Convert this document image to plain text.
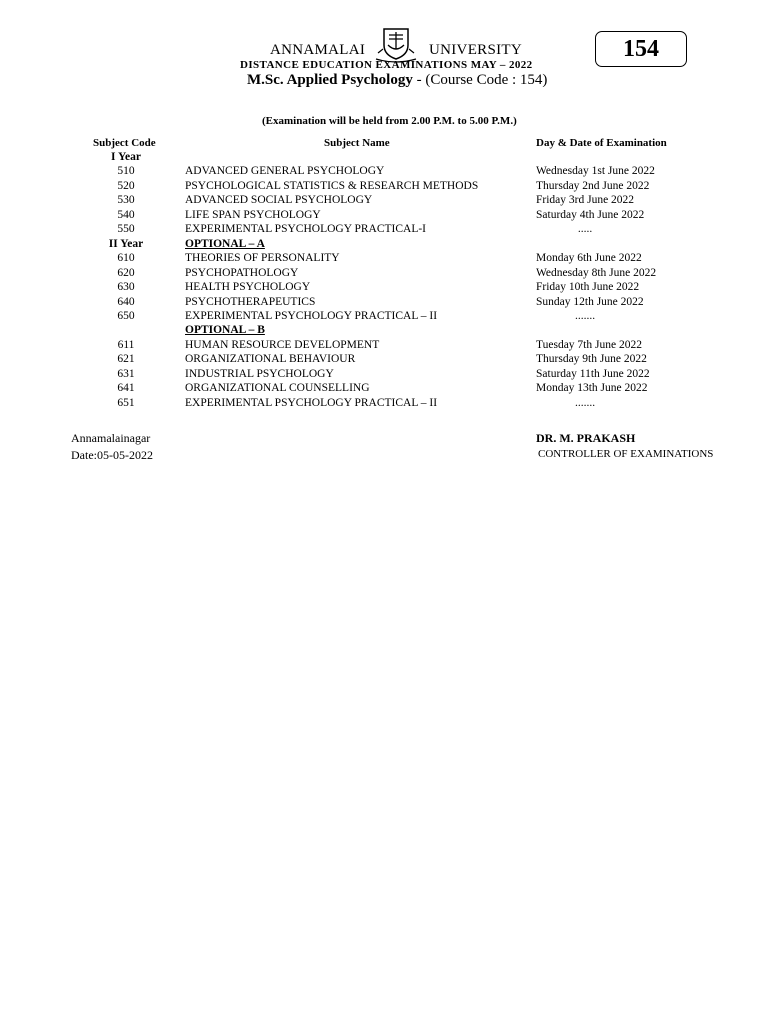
ANNAMALAI	UNIVERSITY	154
DISTANCE EDUCATION EXAMINATIONS MAY – 2022
M.Sc. Applied Psychology - (Course Code : 154)
(Examination will be held from 2.00 P.M. to 5.00 P.M.)
Subject Code	Subject Name	Day & Date of Examination
I Year
510	ADVANCED GENERAL PSYCHOLOGY	Wednesday 1st June 2022
520	PSYCHOLOGICAL STATISTICS & RESEARCH METHODS	Thursday 2nd June 2022
530	ADVANCED SOCIAL PSYCHOLOGY	Friday 3rd June 2022
540	LIFE SPAN PSYCHOLOGY	Saturday 4th June 2022
550	EXPERIMENTAL PSYCHOLOGY PRACTICAL-I	.....
II Year	OPTIONAL – A
610	THEORIES OF PERSONALITY	Monday 6th June 2022
620	PSYCHOPATHOLOGY	Wednesday 8th June 2022
630	HEALTH PSYCHOLOGY	Friday 10th June 2022
640	PSYCHOTHERAPEUTICS	Sunday 12th June 2022
650	EXPERIMENTAL PSYCHOLOGY PRACTICAL – II	.......
OPTIONAL – B
611	HUMAN RESOURCE DEVELOPMENT	Tuesday 7th June 2022
621	ORGANIZATIONAL BEHAVIOUR	Thursday 9th June 2022
631	INDUSTRIAL PSYCHOLOGY	Saturday 11th June 2022
641	ORGANIZATIONAL COUNSELLING	Monday 13th June 2022
651	EXPERIMENTAL PSYCHOLOGY PRACTICAL – II	.......
Annamalainagar
Date:05-05-2022
DR. M. PRAKASH
CONTROLLER OF EXAMINATIONS
